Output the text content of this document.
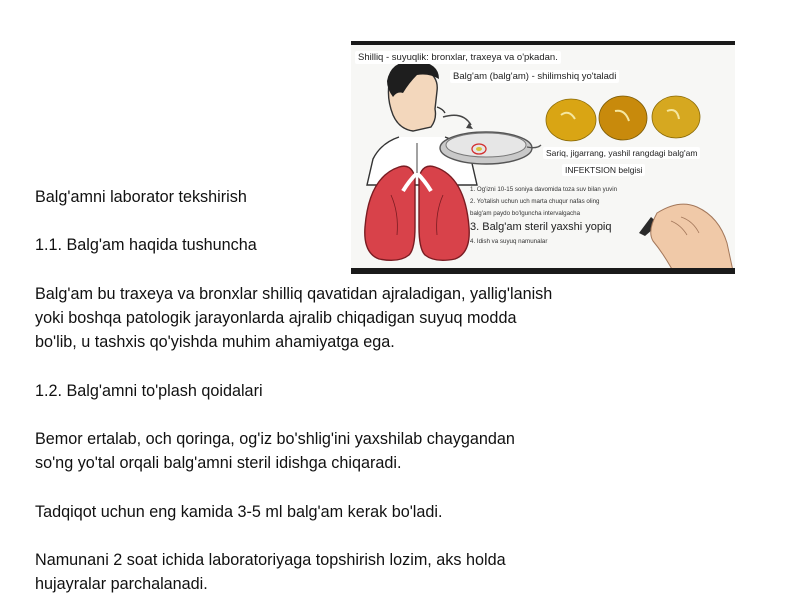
Shilliq - suyuqlik: bronxlar, traxeya va o'pkadan.
Balg'am (balg'am) - shilimshiq yo'taladi
Sariq, jigarrang, yashil rangdagi balg'am
INFEKTSION belgisi
1. Og'izni 10-15 soniya davomida toza suv bilan yuvin
2. Yo'talish uchun uch marta chuqur nafas oling
balg'am paydo bo'lguncha intervalgacha
3. Balg'am steril yaxshi yopiq
4. Idish va suyuq namunalar

Balg'amni laborator tekshirish

1.1. Balg'am haqida tushuncha

Balg'am bu traxeya va bronxlar shilliq qavatidan ajraladigan, yallig'lanish
yoki boshqa patologik jarayonlarda ajralib chiqadigan suyuq modda
bo'lib, u tashxis qo'yishda muhim ahamiyatga ega.

1.2. Balg'amni to'plash qoidalari

Bemor ertalab, och qoringa, og'iz bo'shlig'ini yaxshilab chaygandan
so'ng yo'tal orqali balg'amni steril idishga chiqaradi.

Tadqiqot uchun eng kamida 3-5 ml balg'am kerak bo'ladi.

Namunani 2 soat ichida laboratoriyaga topshirish lozim, aks holda
hujayralar parchalanadi.
